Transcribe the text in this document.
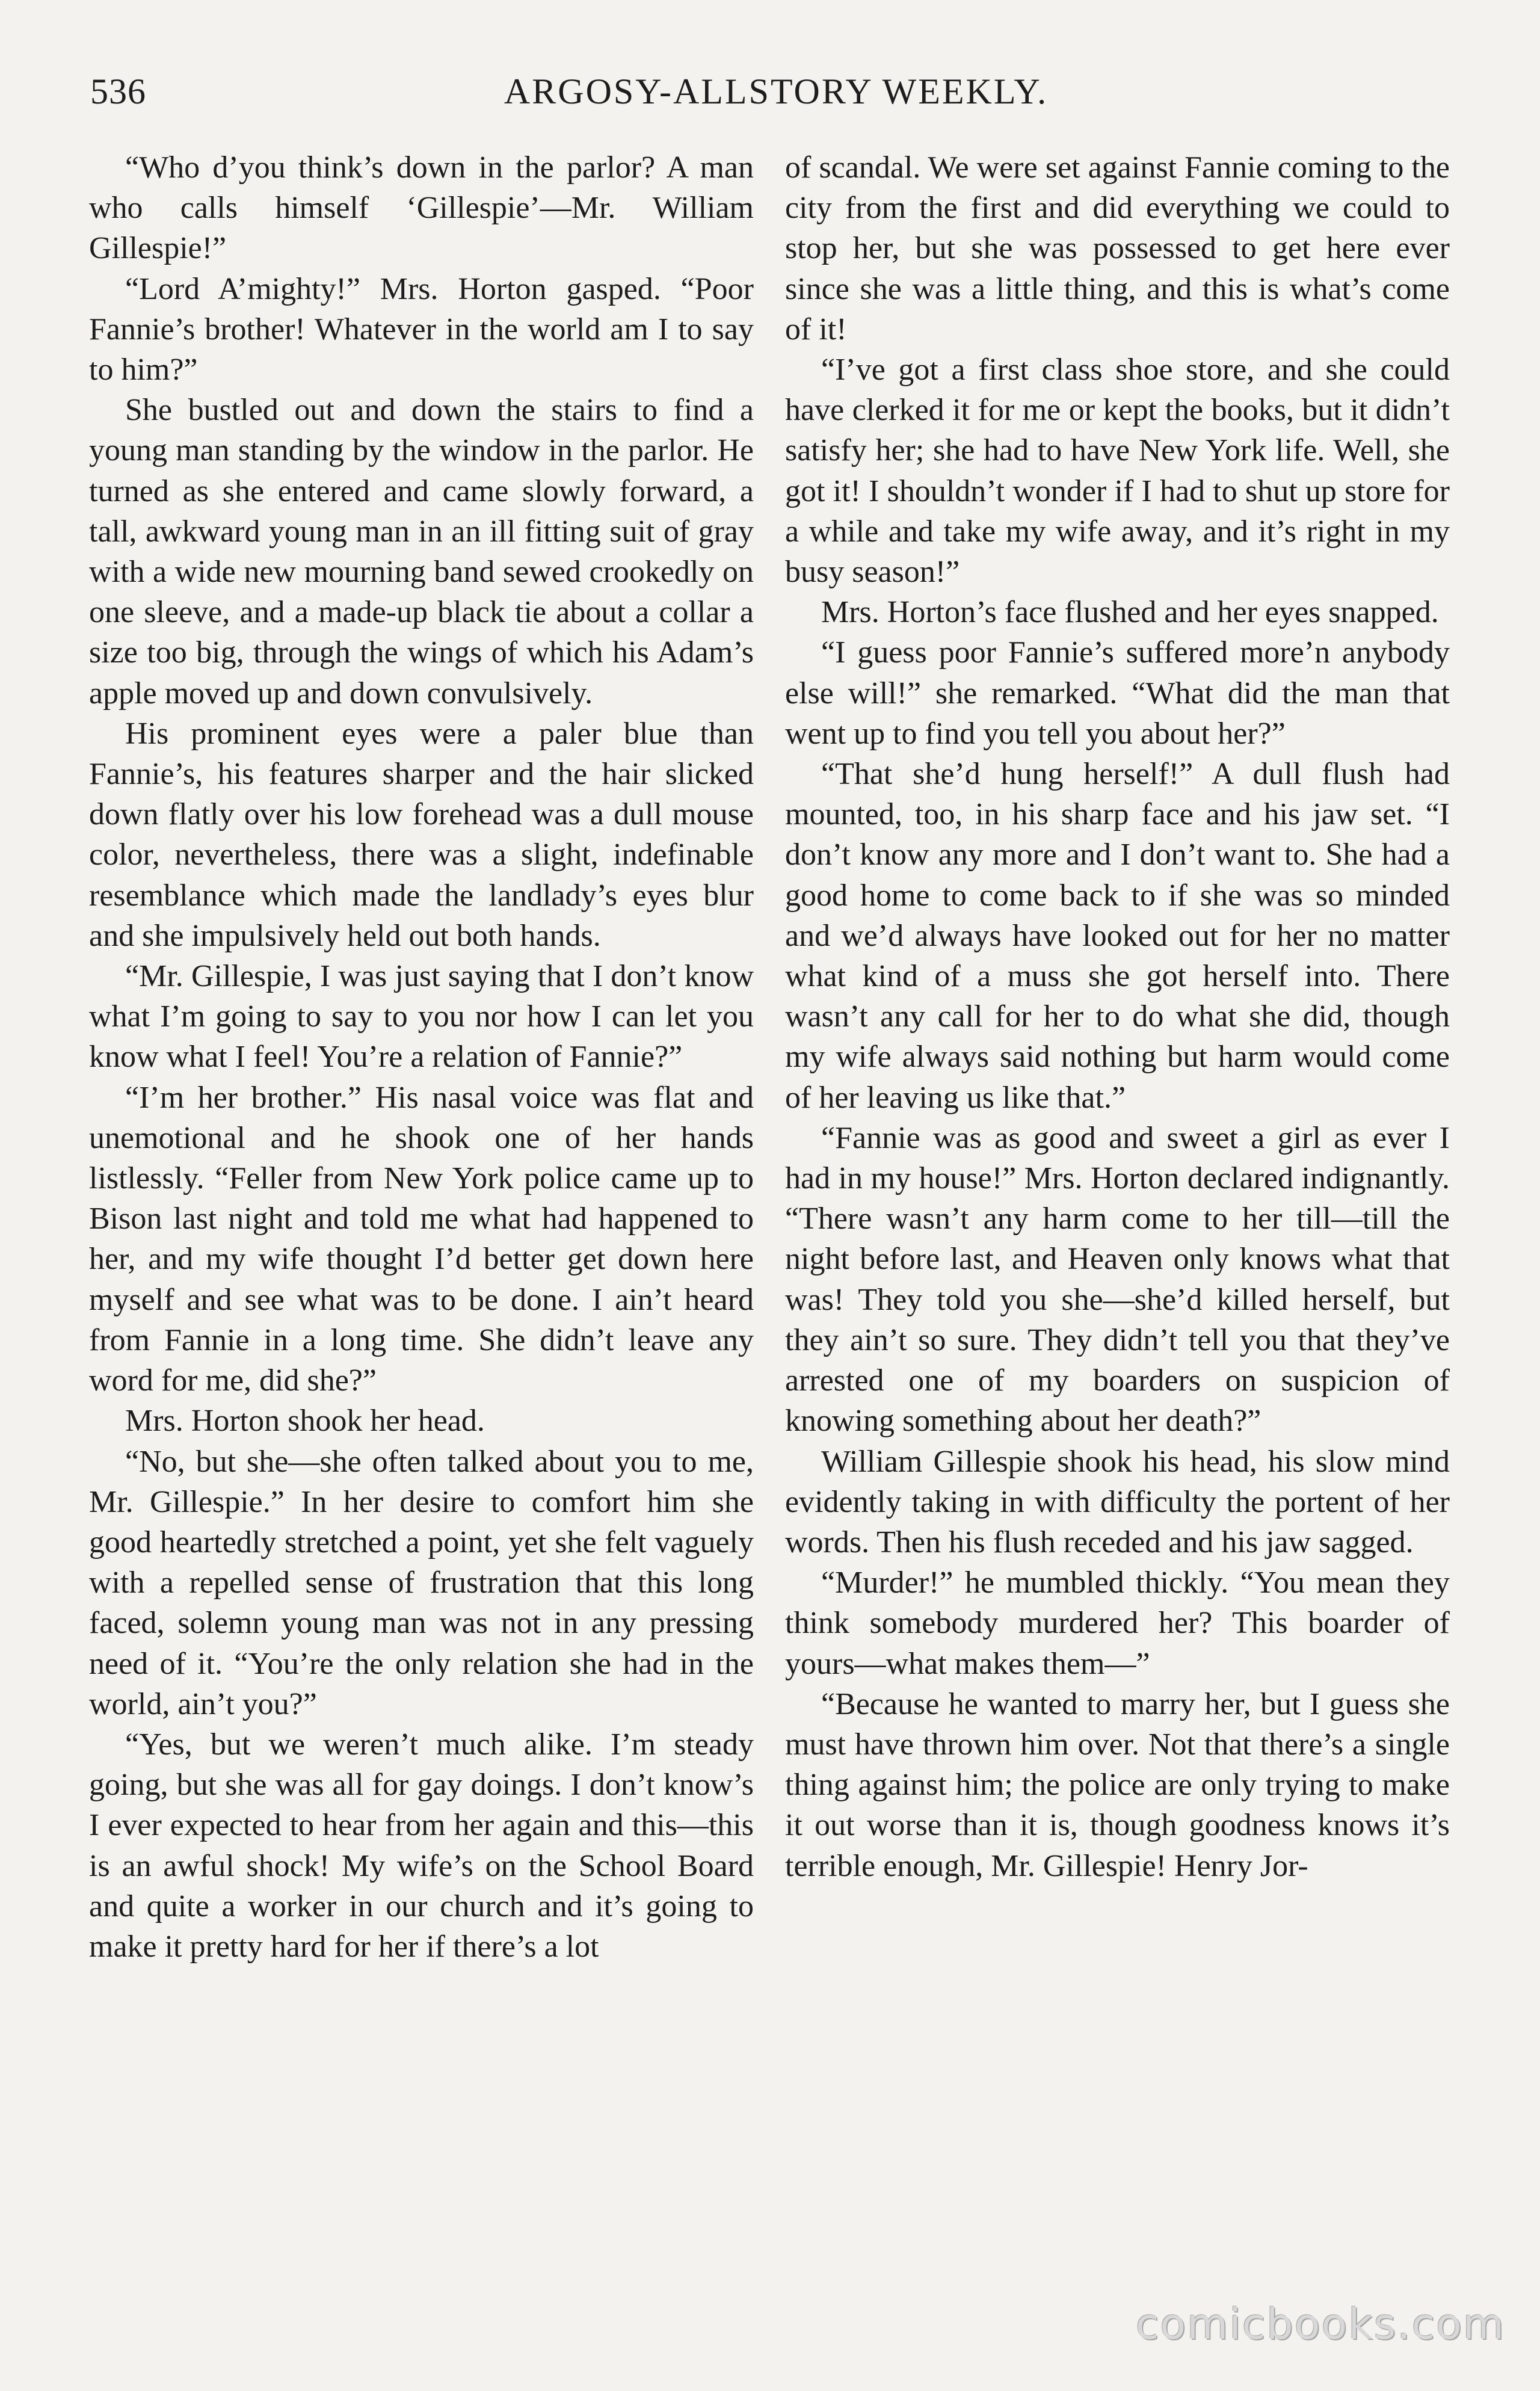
536	ARGOSY-ALLSTORY WEEKLY.

“Who d’you think’s down in the parlor? A man who calls himself ‘Gillespie’—Mr. William Gillespie!”

“Lord A’mighty!” Mrs. Horton gasped. “Poor Fannie’s brother! Whatever in the world am I to say to him?”

She bustled out and down the stairs to find a young man standing by the window in the parlor. He turned as she entered and came slowly forward, a tall, awkward young man in an ill fitting suit of gray with a wide new mourning band sewed crookedly on one sleeve, and a made-up black tie about a collar a size too big, through the wings of which his Adam’s apple moved up and down convulsively.

His prominent eyes were a paler blue than Fannie’s, his features sharper and the hair slicked down flatly over his low forehead was a dull mouse color, nevertheless, there was a slight, indefinable resemblance which made the landlady’s eyes blur and she impulsively held out both hands.

“Mr. Gillespie, I was just saying that I don’t know what I’m going to say to you nor how I can let you know what I feel! You’re a relation of Fannie?”

“I’m her brother.” His nasal voice was flat and unemotional and he shook one of her hands listlessly. “Feller from New York police came up to Bison last night and told me what had happened to her, and my wife thought I’d better get down here myself and see what was to be done. I ain’t heard from Fannie in a long time. She didn’t leave any word for me, did she?”

Mrs. Horton shook her head.

“No, but she—she often talked about you to me, Mr. Gillespie.” In her desire to comfort him she good heartedly stretched a point, yet she felt vaguely with a repelled sense of frustration that this long faced, solemn young man was not in any pressing need of it. “You’re the only relation she had in the world, ain’t you?”

“Yes, but we weren’t much alike. I’m steady going, but she was all for gay doings. I don’t know’s I ever expected to hear from her again and this—this is an awful shock! My wife’s on the School Board and quite a worker in our church and it’s going to make it pretty hard for her if there’s a lot

of scandal. We were set against Fannie coming to the city from the first and did everything we could to stop her, but she was possessed to get here ever since she was a little thing, and this is what’s come of it!

“I’ve got a first class shoe store, and she could have clerked it for me or kept the books, but it didn’t satisfy her; she had to have New York life. Well, she got it! I shouldn’t wonder if I had to shut up store for a while and take my wife away, and it’s right in my busy season!”

Mrs. Horton’s face flushed and her eyes snapped.

“I guess poor Fannie’s suffered more’n anybody else will!” she remarked. “What did the man that went up to find you tell you about her?”

“That she’d hung herself!” A dull flush had mounted, too, in his sharp face and his jaw set. “I don’t know any more and I don’t want to. She had a good home to come back to if she was so minded and we’d always have looked out for her no matter what kind of a muss she got herself into. There wasn’t any call for her to do what she did, though my wife always said nothing but harm would come of her leaving us like that.”

“Fannie was as good and sweet a girl as ever I had in my house!” Mrs. Horton declared indignantly. “There wasn’t any harm come to her till—till the night before last, and Heaven only knows what that was! They told you she—she’d killed herself, but they ain’t so sure. They didn’t tell you that they’ve arrested one of my boarders on suspicion of knowing something about her death?”

William Gillespie shook his head, his slow mind evidently taking in with difficulty the portent of her words. Then his flush receded and his jaw sagged.

“Murder!” he mumbled thickly. “You mean they think somebody murdered her? This boarder of yours—what makes them—”

“Because he wanted to marry her, but I guess she must have thrown him over. Not that there’s a single thing against him; the police are only trying to make it out worse than it is, though goodness knows it’s terrible enough, Mr. Gillespie! Henry Jor-

comicbooks.com
